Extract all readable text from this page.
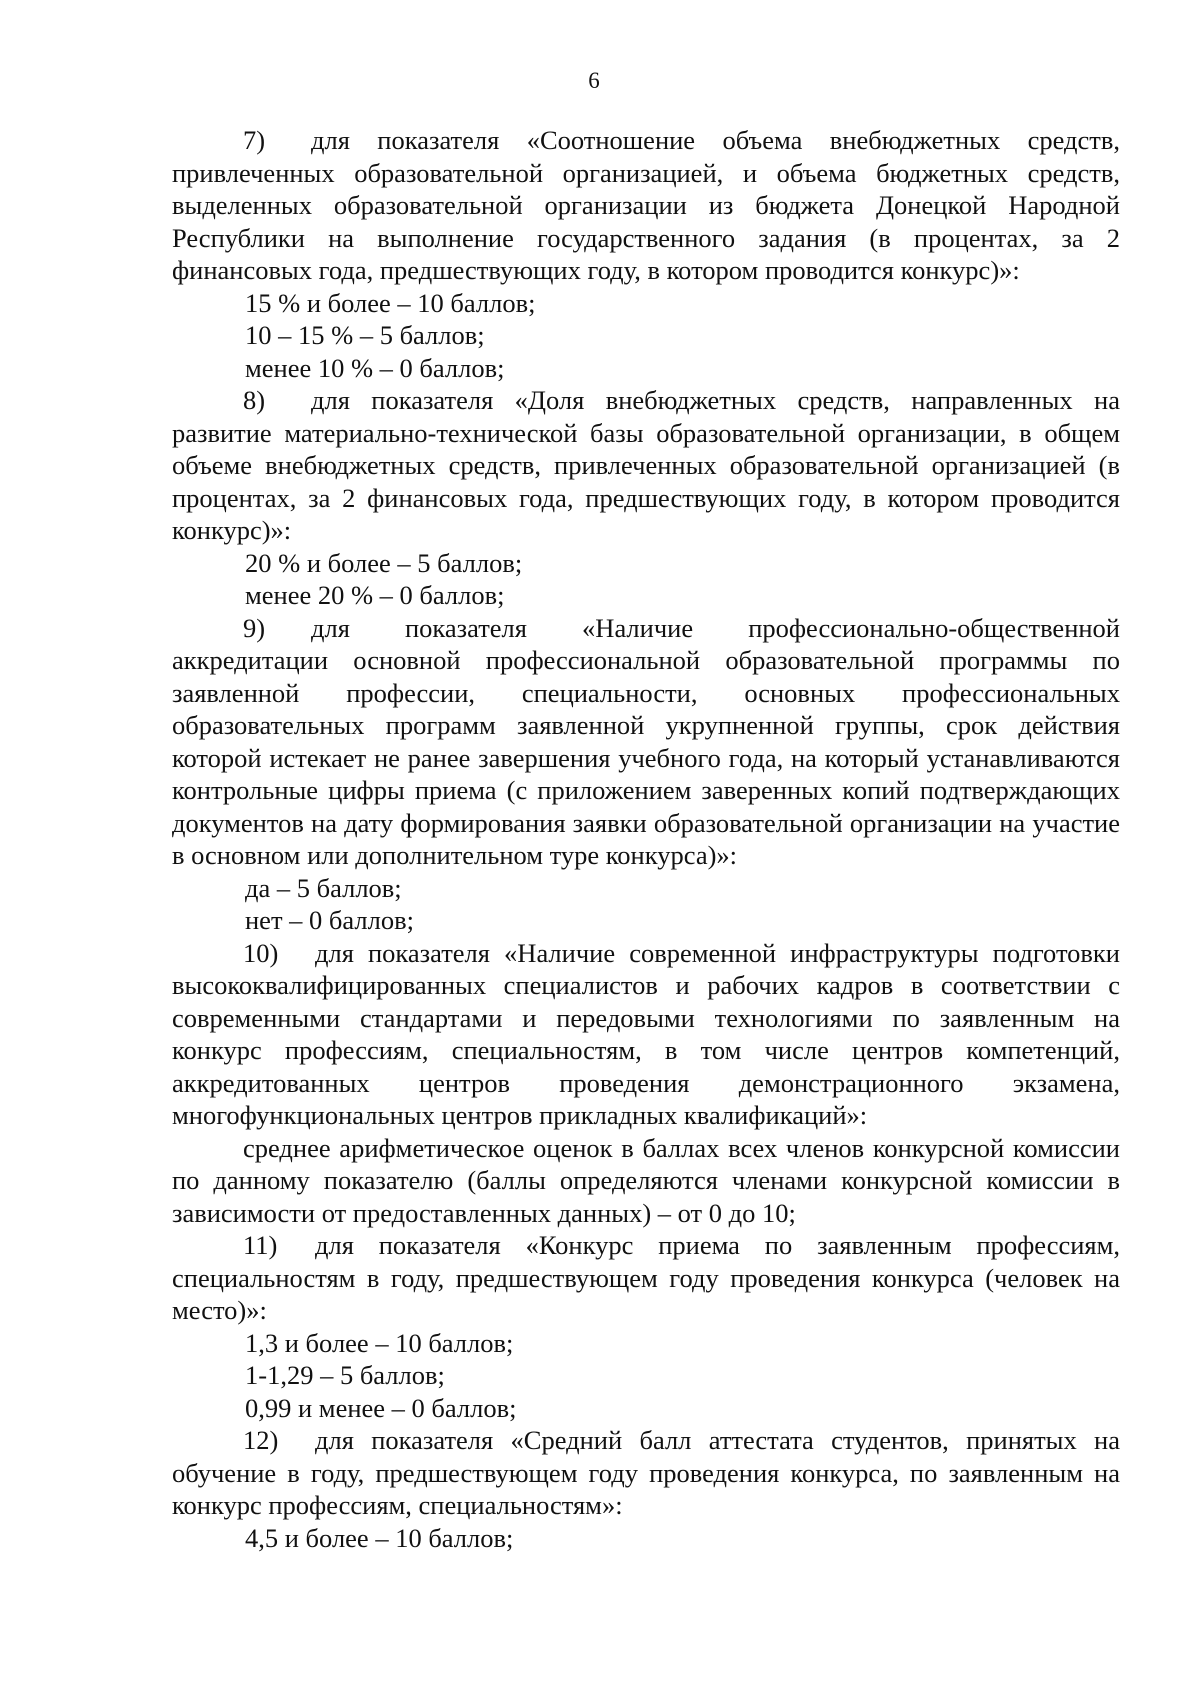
6

7) для показателя «Соотношение объема внебюджетных средств, привлеченных образовательной организацией, и объема бюджетных средств, выделенных образовательной организации из бюджета Донецкой Народной Республики на выполнение государственного задания (в процентах, за 2 финансовых года, предшествующих году, в котором проводится конкурс)»:

15 % и более – 10 баллов;

10 – 15 % – 5 баллов;

менее 10 % – 0 баллов;

8) для показателя «Доля внебюджетных средств, направленных на развитие материально-технической базы образовательной организации, в общем объеме внебюджетных средств, привлеченных образовательной организацией (в процентах, за 2 финансовых года, предшествующих году, в котором проводится конкурс)»:

20 % и более – 5 баллов;

менее 20 % – 0 баллов;

9) для показателя «Наличие профессионально-общественной аккредитации основной профессиональной образовательной программы по заявленной профессии, специальности, основных профессиональных образовательных программ заявленной укрупненной группы, срок действия которой истекает не ранее завершения учебного года, на который устанавливаются контрольные цифры приема (с приложением заверенных копий подтверждающих документов на дату формирования заявки образовательной организации на участие в основном или дополнительном туре конкурса)»:

да – 5 баллов;

нет – 0 баллов;

10) для показателя «Наличие современной инфраструктуры подготовки высококвалифицированных специалистов и рабочих кадров в соответствии с современными стандартами и передовыми технологиями по заявленным на конкурс профессиям, специальностям, в том числе центров компетенций, аккредитованных центров проведения демонстрационного экзамена, многофункциональных центров прикладных квалификаций»:

среднее арифметическое оценок в баллах всех членов конкурсной комиссии по данному показателю (баллы определяются членами конкурсной комиссии в зависимости от предоставленных данных) – от 0 до 10;

11) для показателя «Конкурс приема по заявленным профессиям, специальностям в году, предшествующем году проведения конкурса (человек на место)»:

1,3 и более – 10 баллов;

1-1,29 – 5 баллов;

0,99 и менее – 0 баллов;

12) для показателя «Средний балл аттестата студентов, принятых на обучение в году, предшествующем году проведения конкурса, по заявленным на конкурс профессиям, специальностям»:

4,5 и более – 10 баллов;
